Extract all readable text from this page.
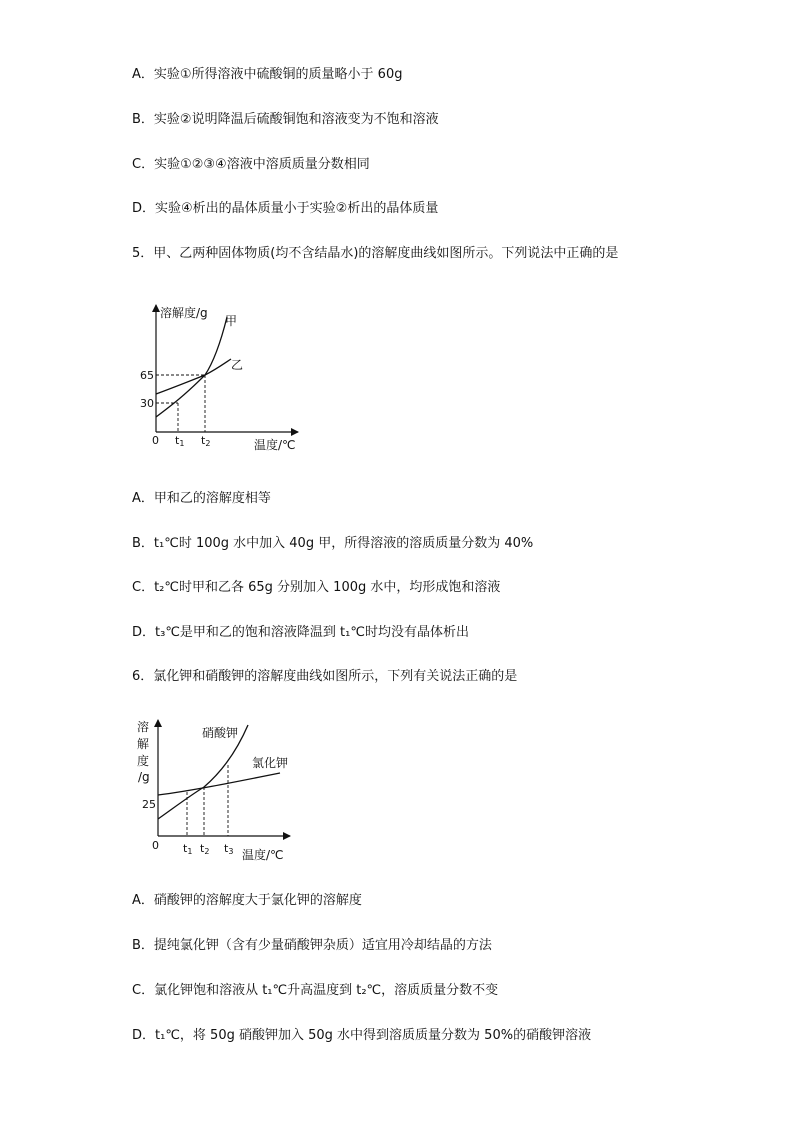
A．实验①所得溶液中硫酸铜的质量略小于 60g
B．实验②说明降温后硫酸铜饱和溶液变为不饱和溶液
C．实验①②③④溶液中溶质质量分数相同
D．实验④析出的晶体质量小于实验②析出的晶体质量
5．甲、乙两种固体物质(均不含结晶水)的溶解度曲线如图所示。下列说法中正确的是
溶解度/g
甲
乙
65
30
0 t1 t2	温度/℃
A．甲和乙的溶解度相等
B．t₁℃时 100g 水中加入 40g 甲，所得溶液的溶质质量分数为 40%
C．t₂℃时甲和乙各 65g 分别加入 100g 水中，均形成饱和溶液
D．t₃℃是甲和乙的饱和溶液降温到 t₁℃时均没有晶体析出
6．氯化钾和硝酸钾的溶解度曲线如图所示，下列有关说法正确的是
溶
解
度
/g
硝酸钾
氯化钾
25
0 t1 t2 t3 温度/℃
A．硝酸钾的溶解度大于氯化钾的溶解度
B．提纯氯化钾（含有少量硝酸钾杂质）适宜用冷却结晶的方法
C．氯化钾饱和溶液从 t₁℃升高温度到 t₂℃，溶质质量分数不变
D．t₁℃，将 50g 硝酸钾加入 50g 水中得到溶质质量分数为 50%的硝酸钾溶液
